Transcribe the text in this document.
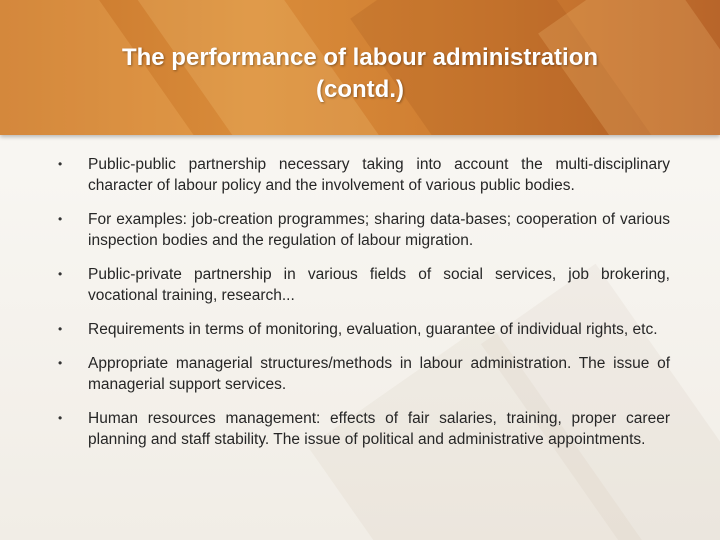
The performance of labour administration
(contd.)
• Public-public partnership necessary taking into account the multi-disciplinary character of labour policy and the involvement of various public bodies.
• For examples: job-creation programmes; sharing data-bases; cooperation of various inspection bodies and the regulation of labour migration.
• Public-private partnership in various fields of social services, job brokering, vocational training, research...
• Requirements in terms of monitoring, evaluation, guarantee of individual rights, etc.
• Appropriate managerial structures/methods in labour administration. The issue of managerial support services.
• Human resources management: effects of fair salaries, training, proper career planning and staff stability. The issue of political and administrative appointments.
